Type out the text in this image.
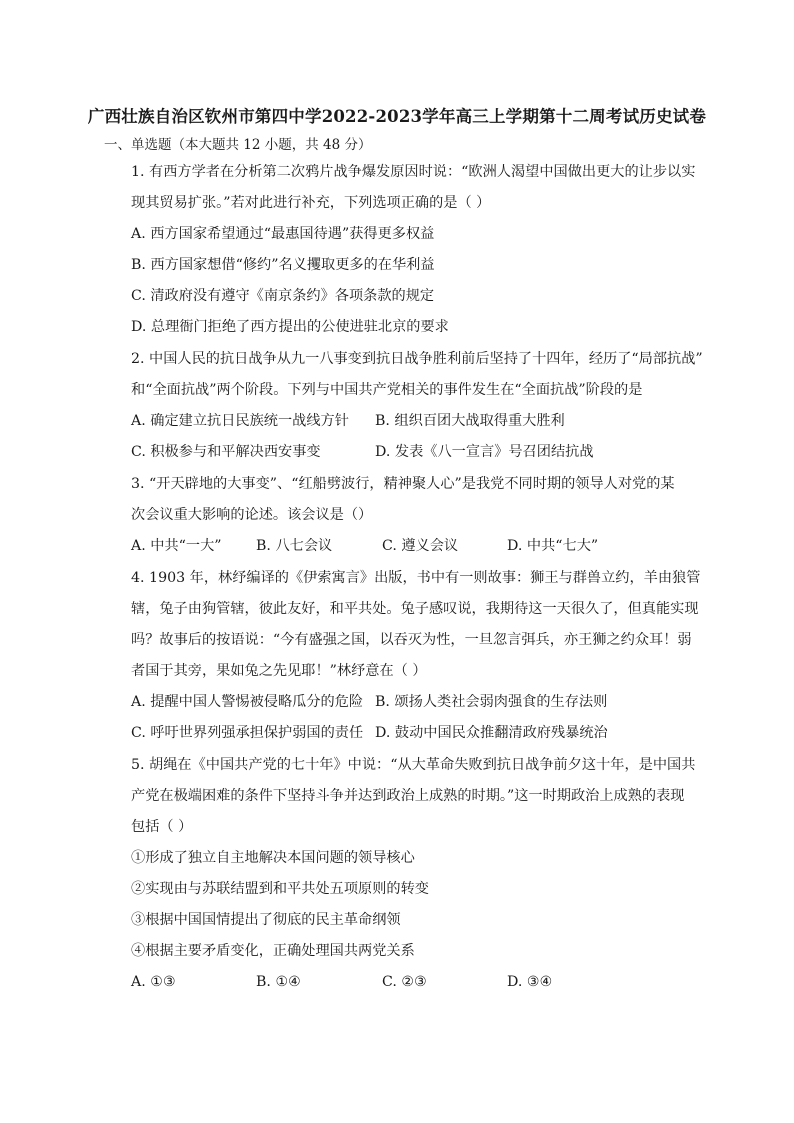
广西壮族自治区钦州市第四中学2022-2023学年高三上学期第十二周考试历史试卷
一、单选题（本大题共 12 小题，共 48 分）
1. 有西方学者在分析第二次鸦片战争爆发原因时说：“欧洲人渴望中国做出更大的让步以实
现其贸易扩张。”若对此进行补充，下列选项正确的是（ ）
A. 西方国家希望通过“最惠国待遇”获得更多权益
B. 西方国家想借“修约”名义攫取更多的在华利益
C. 清政府没有遵守《南京条约》各项条款的规定
D. 总理衙门拒绝了西方提出的公使进驻北京的要求
2. 中国人民的抗日战争从九一八事变到抗日战争胜利前后坚持了十四年，经历了“局部抗战”
和“全面抗战”两个阶段。下列与中国共产党相关的事件发生在“全面抗战”阶段的是
A. 确定建立抗日民族统一战线方针 B. 组织百团大战取得重大胜利
C. 积极参与和平解决西安事变	D. 发表《八一宣言》号召团结抗战
3. “开天辟地的大事变”、“红船劈波行，精神聚人心”是我党不同时期的领导人对党的某
次会议重大影响的论述。该会议是（）
A. 中共“一大” B. 八七会议	C. 遵义会议	D. 中共“七大”
4. 1903 年，林纾编译的《伊索寓言》出版，书中有一则故事：狮王与群兽立约，羊由狼管
辖，兔子由狗管辖，彼此友好，和平共处。兔子感叹说，我期待这一天很久了，但真能实现
吗？故事后的按语说：“今有盛强之国，以吞灭为性，一旦忽言弭兵，亦王狮之约众耳！弱
者国于其旁，果如兔之先见耶！”林纾意在（ ）
A. 提醒中国人警惕被侵略瓜分的危险 B. 颂扬人类社会弱肉强食的生存法则
C. 呼吁世界列强承担保护弱国的责任 D. 鼓动中国民众推翻清政府残暴统治
5. 胡绳在《中国共产党的七十年》中说：“从大革命失败到抗日战争前夕这十年，是中国共
产党在极端困难的条件下坚持斗争并达到政治上成熟的时期。”这一时期政治上成熟的表现
包括（ ）
①形成了独立自主地解决本国问题的领导核心
②实现由与苏联结盟到和平共处五项原则的转变
③根据中国国情提出了彻底的民主革命纲领
④根据主要矛盾变化，正确处理国共两党关系
A. ①③	B. ①④	C. ②③	D. ③④
